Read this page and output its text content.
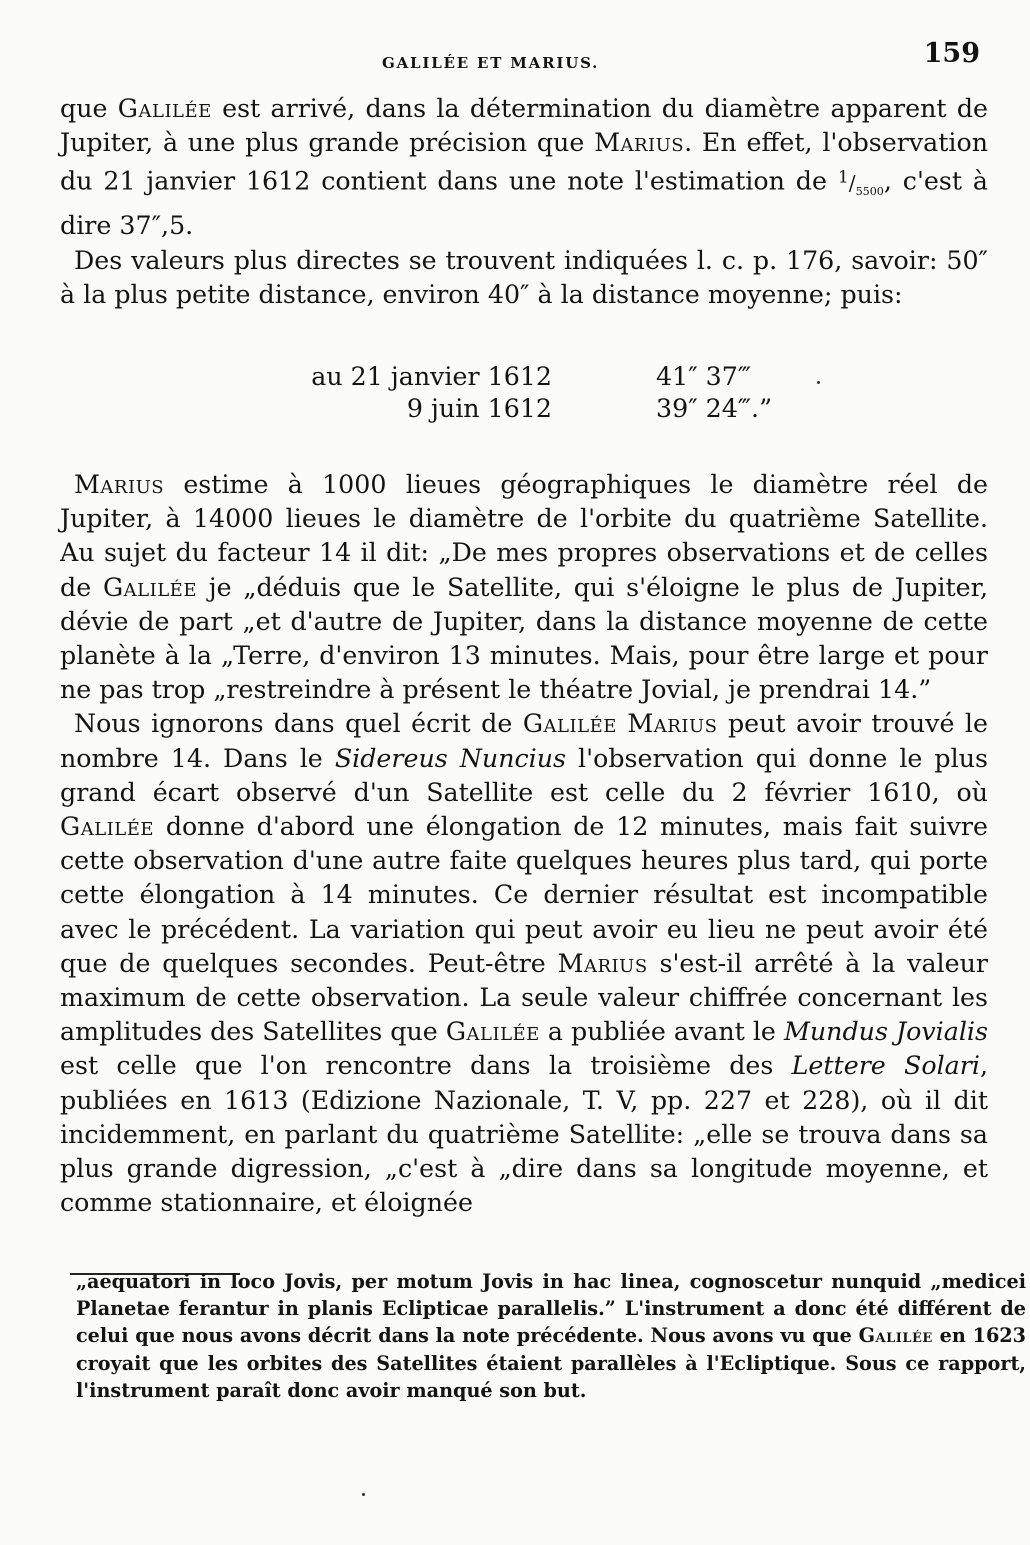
GALILÉE ET MARIUS.	159

que Galilée est arrivé, dans la détermination du diamètre apparent de Jupiter, à une plus grande précision que Marius. En effet, l'observation du 21 janvier 1612 contient dans une note l'estimation de $^1/_{5500}$, c'est à dire 37″,5.

Des valeurs plus directes se trouvent indiquées l. c. p. 176, savoir: 50″ à la plus petite distance, environ 40″ à la distance moyenne; puis:

au 21 janvier 1612	41″ 37‴
9 juin 1612	39″ 24‴.”

Marius estime à 1000 lieues géographiques le diamètre réel de Jupiter, à 14000 lieues le diamètre de l'orbite du quatrième Satellite. Au sujet du facteur 14 il dit: „De mes propres observations et de celles de Galilée je „déduis que le Satellite, qui s'éloigne le plus de Jupiter, dévie de part „et d'autre de Jupiter, dans la distance moyenne de cette planète à la „Terre, d'environ 13 minutes. Mais, pour être large et pour ne pas trop „restreindre à présent le théatre Jovial, je prendrai 14.”

Nous ignorons dans quel écrit de Galilée Marius peut avoir trouvé le nombre 14. Dans le Sidereus Nuncius l'observation qui donne le plus grand écart observé d'un Satellite est celle du 2 février 1610, où Galilée donne d'abord une élongation de 12 minutes, mais fait suivre cette observation d'une autre faite quelques heures plus tard, qui porte cette élongation à 14 minutes. Ce dernier résultat est incompatible avec le précédent. La variation qui peut avoir eu lieu ne peut avoir été que de quelques secondes. Peut-être Marius s'est-il arrêté à la valeur maximum de cette observation. La seule valeur chiffrée concernant les amplitudes des Satellites que Galilée a publiée avant le Mundus Jovialis est celle que l'on rencontre dans la troisième des Lettere Solari, publiées en 1613 (Edizione Nazionale, T. V, pp. 227 et 228), où il dit incidemment, en parlant du quatrième Satellite: „elle se trouva dans sa plus grande digression, „c'est à „dire dans sa longitude moyenne, et comme stationnaire, et éloignée

„aequatori in loco Jovis, per motum Jovis in hac linea, cognoscetur nunquid „medicei Planetae ferantur in planis Eclipticae parallelis.” L'instrument a donc été différent de celui que nous avons décrit dans la note précédente. Nous avons vu que Galilée en 1623 croyait que les orbites des Satellites étaient parallèles à l'Ecliptique. Sous ce rapport, l'instrument paraît donc avoir manqué son but.
